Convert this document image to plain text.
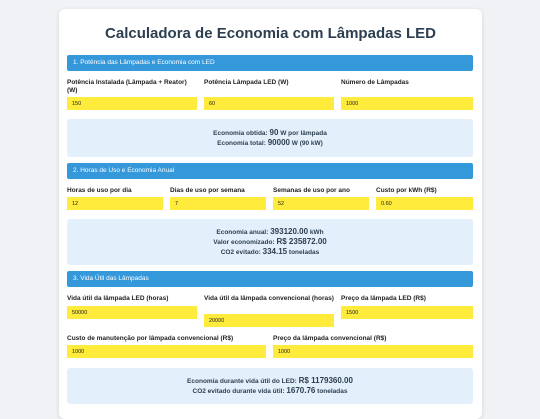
Calculadora de Economia com Lâmpadas LED
1. Potência das Lâmpadas e Economia com LED
Potência Instalada (Lâmpada + Reator) (W)
150
Potência Lâmpada LED (W)
60	Número de Lâmpadas
1000
Economia obtida: 90 W por lâmpada
Economia total: 90000 W (90 kW)
2. Horas de Uso e Economia Anual
Horas de uso por dia
12	Dias de uso por semana
7	Semanas de uso por ano
52	Custo por kWh (R$)
0.60
Economia anual: 393120.00 kWh
Valor economizado: R$ 235872.00
CO2 evitado: 334.15 toneladas
3. Vida Útil das Lâmpadas
Vida útil da lâmpada LED (horas)
50000	Vida útil da lâmpada convencional (horas)
20000 Preço da lâmpada LED (R$)
1500
Custo de manutenção por lâmpada convencional (R$)
1000	Preço da lâmpada convencional (R$)
1000
Economia durante vida útil do LED: R$ 1179360.00
CO2 evitado durante vida útil: 1670.76 toneladas
